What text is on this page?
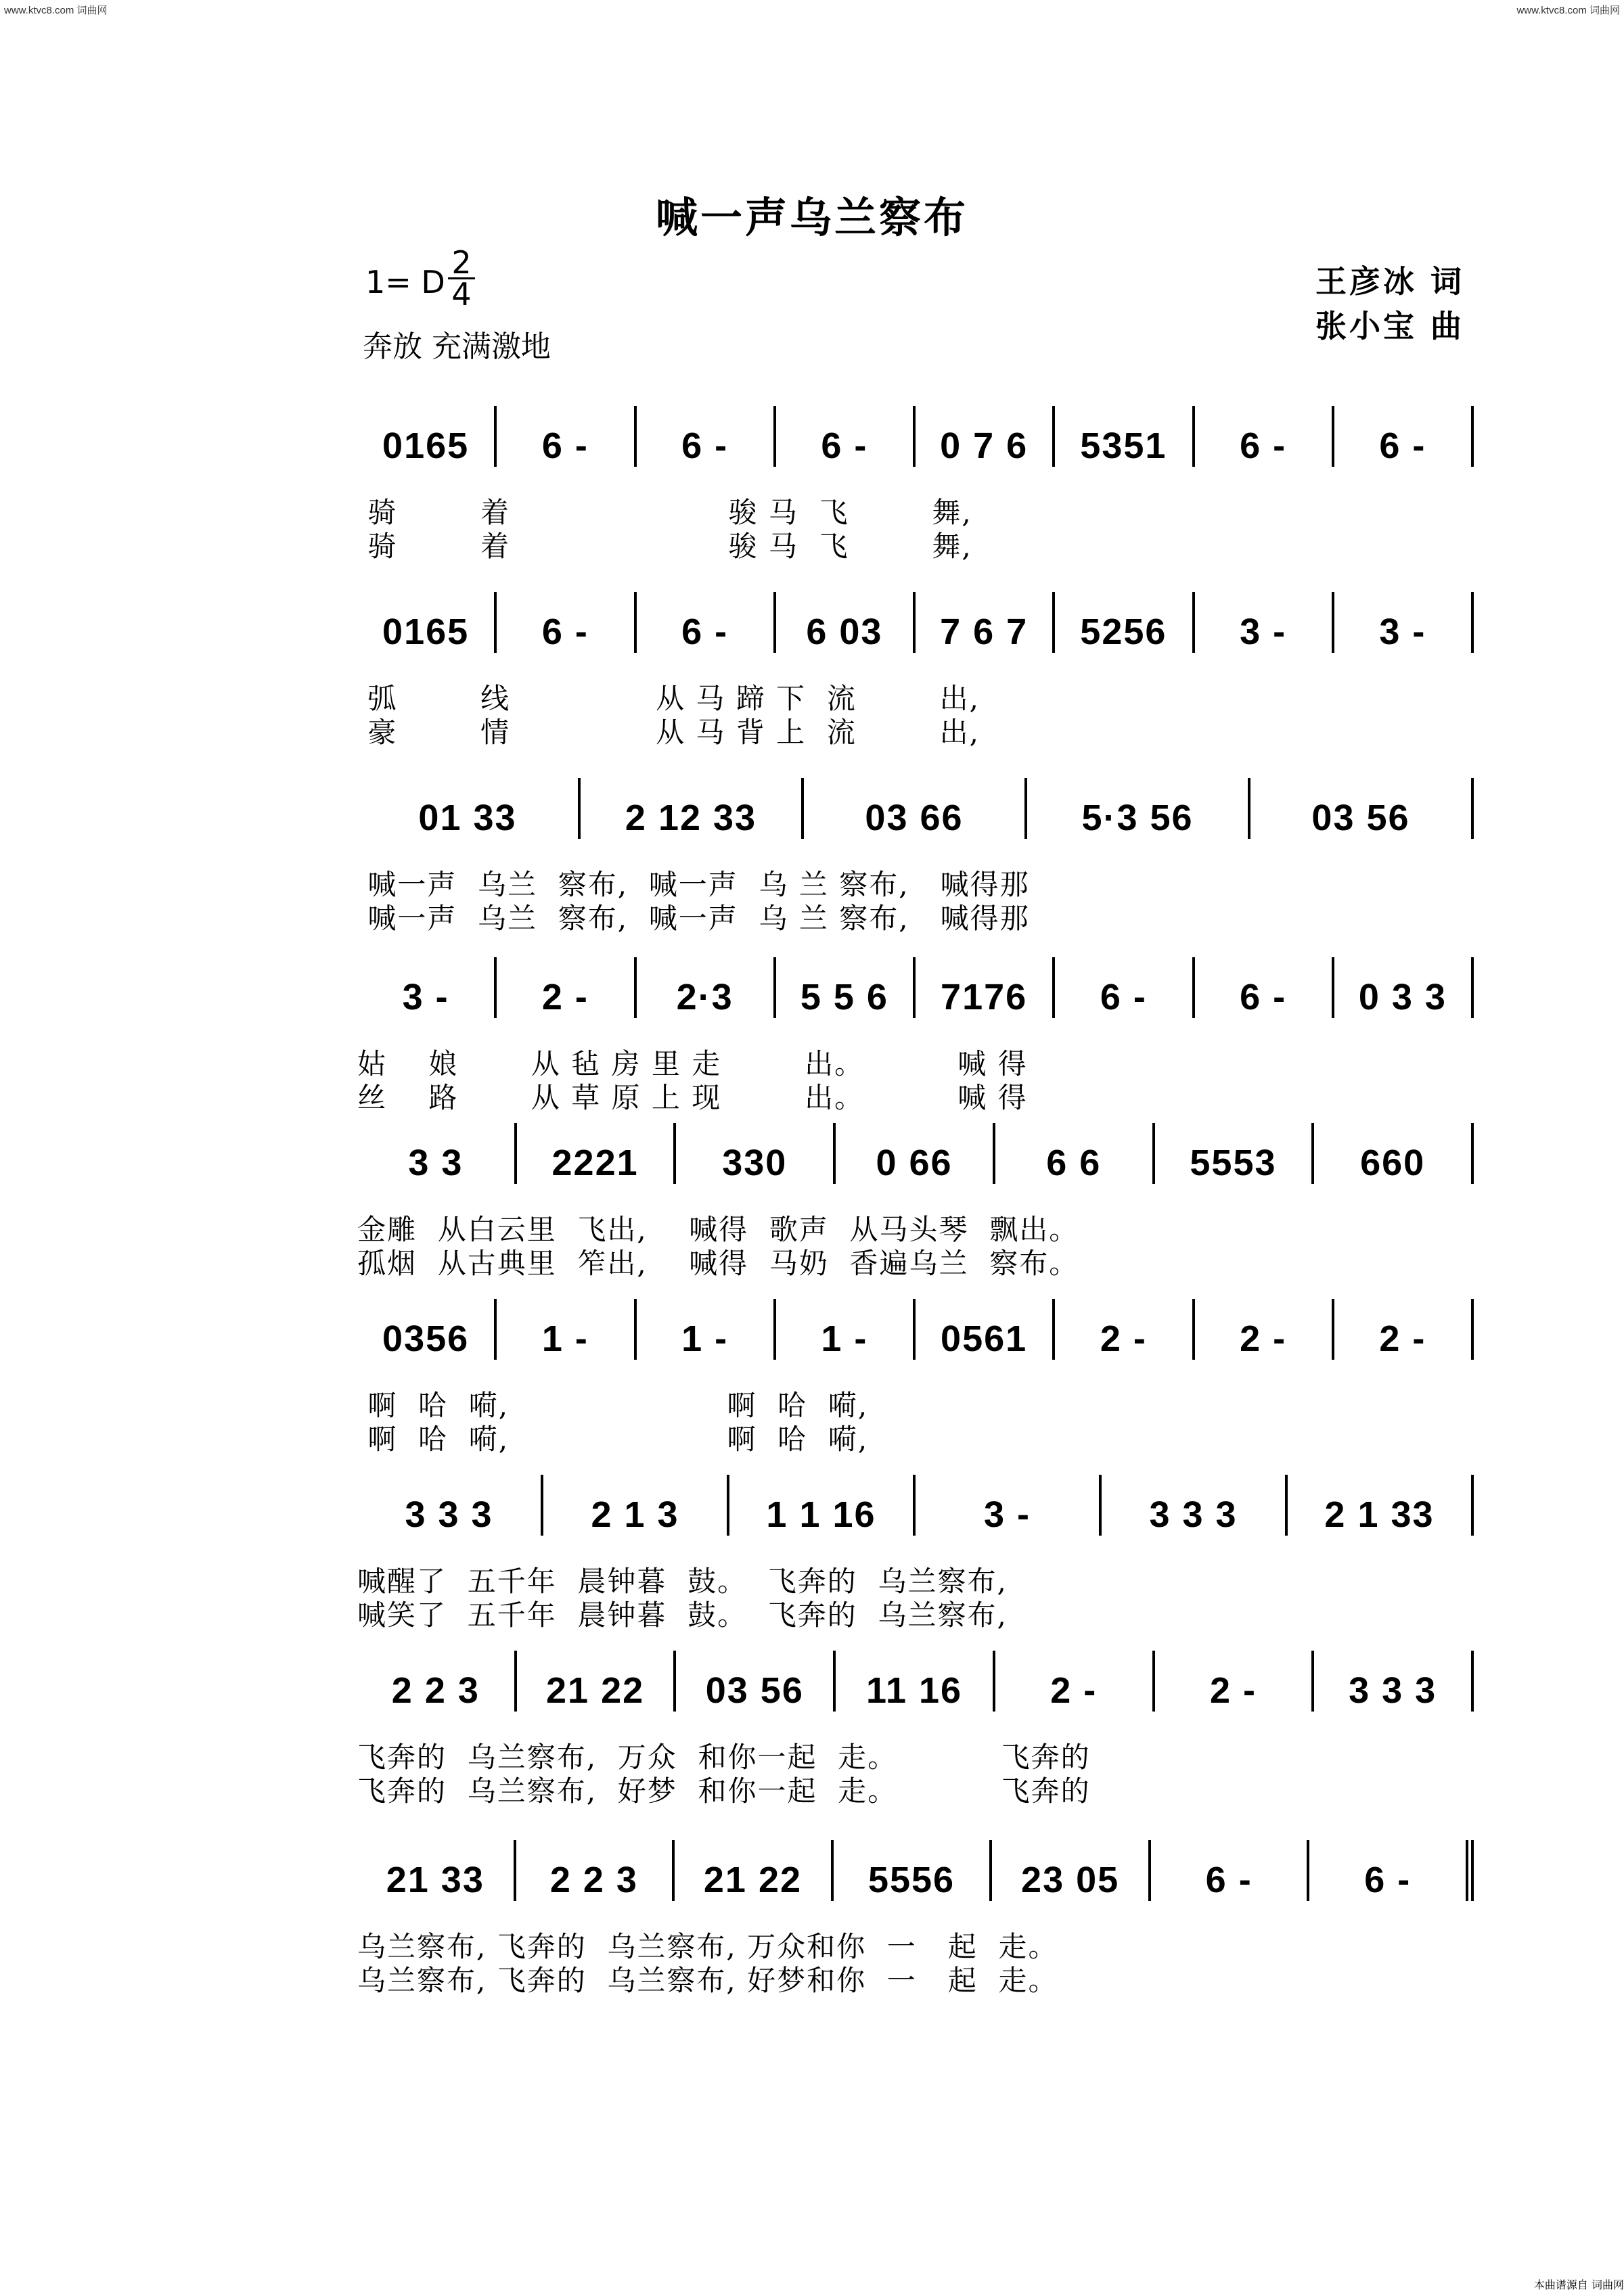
www.ktvc8.com 词曲网	www.ktvc8.com 词曲网
喊一声乌兰察布
1= D
2
4
奔放 充满激地
王彦冰 词
张小宝 曲
0165 6 -	6 -	6 - 0 7 6 5351 6 -	6 -
骑        着                     骏 马  飞        舞,
骑        着                     骏 马  飞        舞,
0165 6 -	6 - 6 03 7 6 7 5256 3 -	3 -
弧        线              从 马 蹄 下  流        出,
豪        情              从 马 背 上  流        出,
01 33	2 12 33	03 66	5·3 56	03 56
喊一声  乌兰  察布,  喊一声  乌 兰 察布,   喊得那
喊一声  乌兰  察布,  喊一声  乌 兰 察布,   喊得那
3 -	2 - 2·3 5 5 6 7176 6 -	6 - 0 3 3
姑    娘       从 毡 房 里 走        出。         喊 得
丝    路       从 草 原 上 现        出。         喊 得
3 3 2221 330 0 66	6 6 5553 660
金雕  从白云里  飞出,    喊得  歌声  从马头琴  飘出。
孤烟  从古典里  笮出,    喊得  马奶  香遍乌兰  察布。
0356 1 -	1 -	1 - 0561 2 -	2 -	2 -
啊  哈  嗬,                     啊  哈  嗬,
啊  哈  嗬,                     啊  哈  嗬,
3 3 3	2 1 3 1 1 16	3 -	3 3 3 2 1 33
喊醒了  五千年  晨钟暮  鼓。  飞奔的  乌兰察布,
喊笑了  五千年  晨钟暮  鼓。  飞奔的  乌兰察布,
2 2 3 21 22 03 56 11 16 2 -	2 -	3 3 3
飞奔的  乌兰察布,  万众  和你一起  走。          飞奔的
飞奔的  乌兰察布,  好梦  和你一起  走。          飞奔的
21 33 2 2 3 21 22 5556 23 05 6 -	6 -
乌兰察布, 飞奔的  乌兰察布, 万众和你  一   起  走。
乌兰察布, 飞奔的  乌兰察布, 好梦和你  一   起  走。
本曲谱源自 词曲网
